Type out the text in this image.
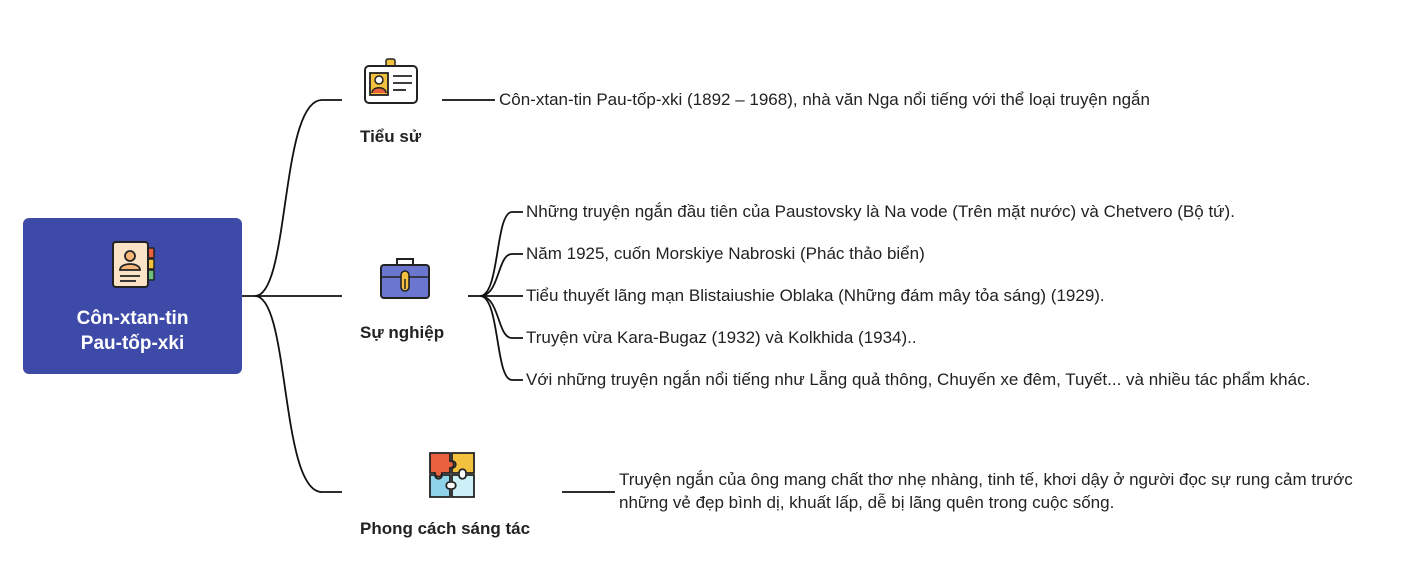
Côn-xtan-tin
Pau-tốp-xki
Tiểu sử
Côn-xtan-tin Pau-tốp-xki (1892 – 1968), nhà văn Nga nổi tiếng với thể loại truyện ngắn
Sự nghiệp
Những truyện ngắn đầu tiên của Paustovsky là Na vode (Trên mặt nước) và Chetvero (Bộ tứ).
Năm 1925, cuốn Morskiye Nabroski (Phác thảo biển)
Tiểu thuyết lãng mạn Blistaiushie Oblaka (Những đám mây tỏa sáng) (1929).
Truyện vừa Kara-Bugaz (1932) và Kolkhida (1934)..
Với những truyện ngắn nổi tiếng như Lẵng quả thông, Chuyến xe đêm, Tuyết... và nhiều tác phẩm khác.
Phong cách sáng tác
Truyện ngắn của ông mang chất thơ nhẹ nhàng, tinh tế, khơi dậy ở người đọc sự rung cảm trước những vẻ đẹp bình dị, khuất lấp, dễ bị lãng quên trong cuộc sống.
